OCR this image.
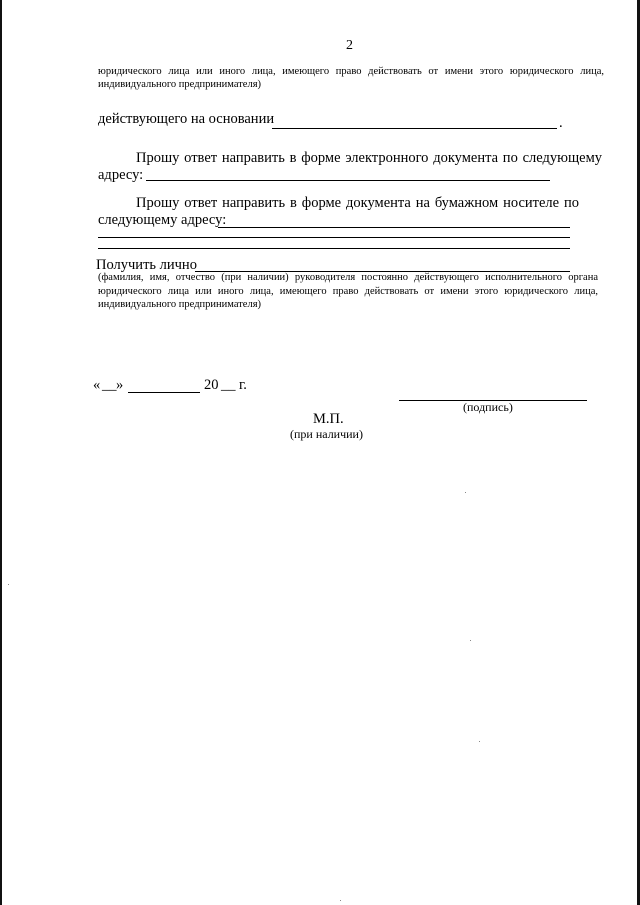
2
юридического лица или иного лица, имеющего право действовать от имени этого юридического лица,
индивидуального предпринимателя)
действующего на основании	.
Прошу ответ направить в форме электронного документа по следующему
адресу:
Прошу ответ направить в форме документа на бумажном носителе по
следующему адресу:
Получить лично
(фамилия, имя, отчество (при наличии) руководителя постоянно действующего исполнительного органа
юридического лица или иного лица, имеющего право действовать от имени этого юридического лица,
индивидуального предпринимателя)
« __ »	20 __ г.
(подпись)
М.П.
(при наличии)
